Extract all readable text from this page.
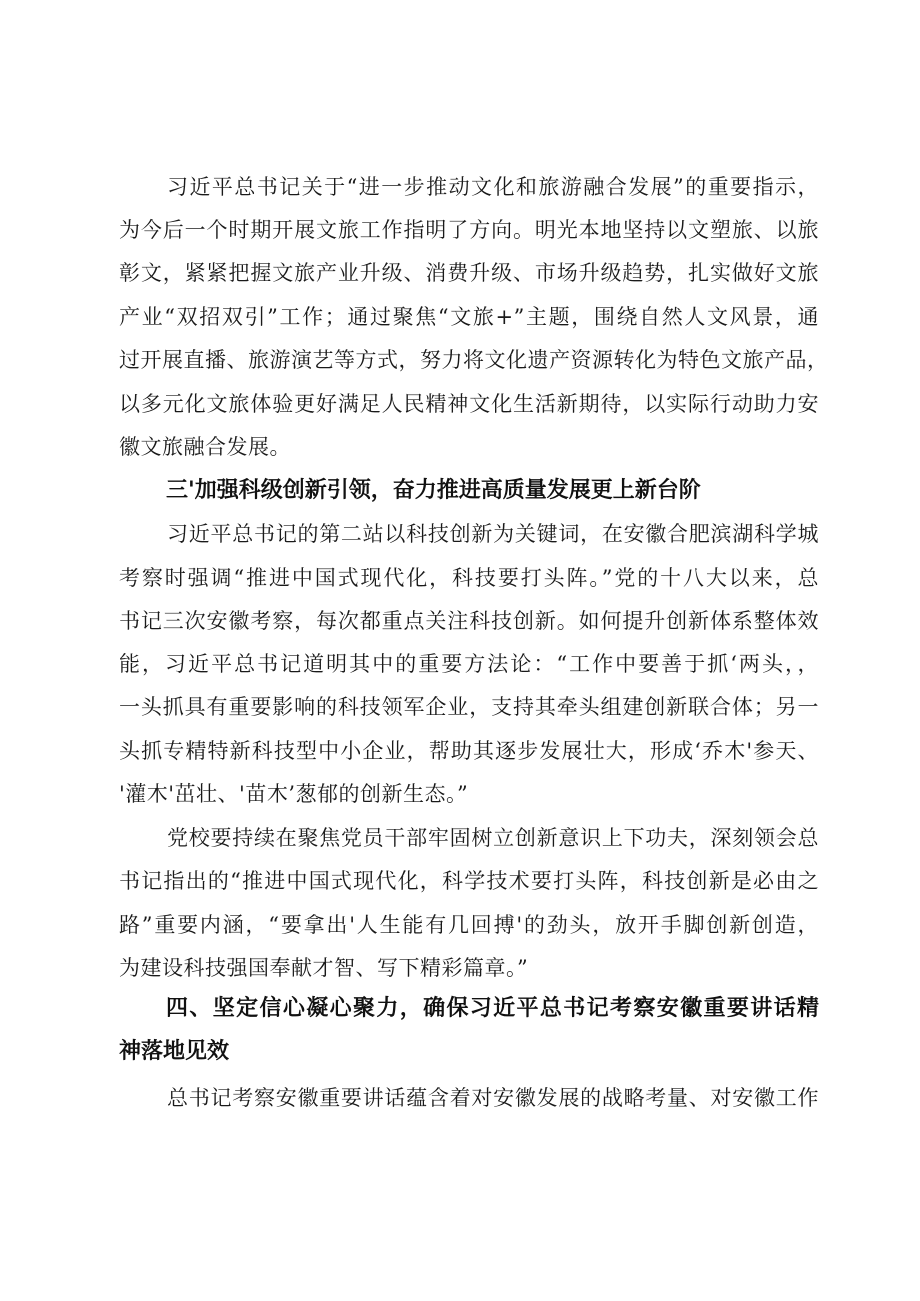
习近平总书记关于“进一步推动文化和旅游融合发展”的重要指示，
为今后一个时期开展文旅工作指明了方向。明光本地坚持以文塑旅、以旅
彰文，紧紧把握文旅产业升级、消费升级、市场升级趋势，扎实做好文旅
产业“双招双引”工作；通过聚焦“文旅+”主题，围绕自然人文风景，通
过开展直播、旅游演艺等方式，努力将文化遗产资源转化为特色文旅产品，
以多元化文旅体验更好满足人民精神文化生活新期待，以实际行动助力安
徽文旅融合发展。
三'加强科级创新引领，奋力推进高质量发展更上新台阶
习近平总书记的第二站以科技创新为关键词，在安徽合肥滨湖科学城
考察时强调“推进中国式现代化，科技要打头阵。”党的十八大以来，总
书记三次安徽考察，每次都重点关注科技创新。如何提升创新体系整体效
能，习近平总书记道明其中的重要方法论：“工作中要善于抓‘两头，，
一头抓具有重要影响的科技领军企业，支持其牵头组建创新联合体；另一
头抓专精特新科技型中小企业，帮助其逐步发展壮大，形成‘乔木'参天、
'灌木'茁壮、'苗木’葱郁的创新生态。”
党校要持续在聚焦党员干部牢固树立创新意识上下功夫，深刻领会总
书记指出的“推进中国式现代化，科学技术要打头阵，科技创新是必由之
路”重要内涵，“要拿出'人生能有几回搏'的劲头，放开手脚创新创造，
为建设科技强国奉献才智、写下精彩篇章。”
四、坚定信心凝心聚力，确保习近平总书记考察安徽重要讲话精
神落地见效
总书记考察安徽重要讲话蕴含着对安徽发展的战略考量、对安徽工作
